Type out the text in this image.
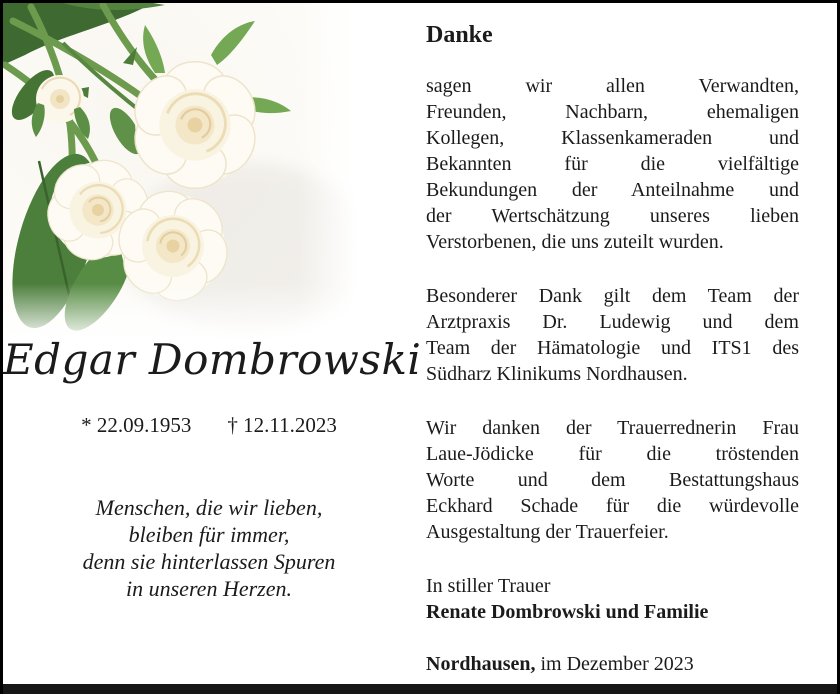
Edgar Dombrowski
* 22.09.1953 † 12.11.2023
Menschen, die wir lieben,
bleiben für immer,
denn sie hinterlassen Spuren
in unseren Herzen.
Danke
sagen wir allen Verwandten,
Freunden, Nachbarn, ehemaligen
Kollegen, Klassenkameraden und
Bekannten für die vielfältige
Bekundungen der Anteilnahme und
der Wertschätzung unseres lieben
Verstorbenen, die uns zuteilt wurden.
Besonderer Dank gilt dem Team der
Arztpraxis Dr. Ludewig und dem
Team der Hämatologie und ITS1 des
Südharz Klinikums Nordhausen.
Wir danken der Trauerrednerin Frau
Laue-Jödicke für die tröstenden
Worte und dem Bestattungshaus
Eckhard Schade für die würdevolle
Ausgestaltung der Trauerfeier.
In stiller Trauer
Renate Dombrowski und Familie
Nordhausen, im Dezember 2023
